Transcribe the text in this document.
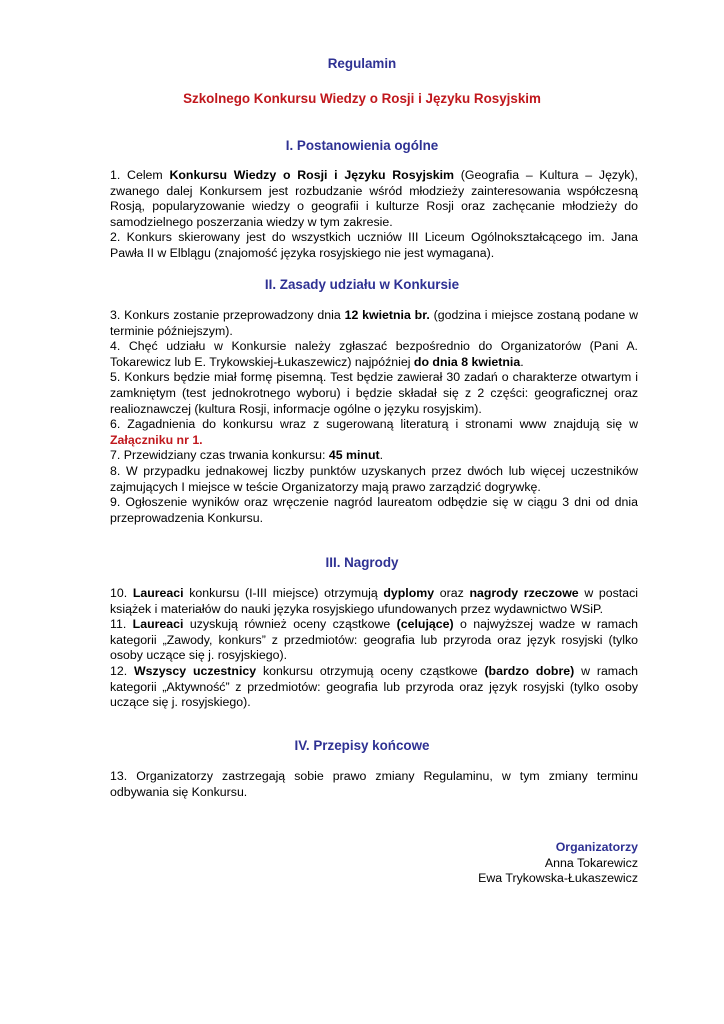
Regulamin
Szkolnego Konkursu Wiedzy o Rosji i Języku Rosyjskim
I. Postanowienia ogólne

1. Celem Konkursu Wiedzy o Rosji i Języku Rosyjskim (Geografia – Kultura – Język), zwanego dalej Konkursem jest rozbudzanie wśród młodzieży zainteresowania współczesną Rosją, popularyzowanie wiedzy o geografii i kulturze Rosji oraz zachęcanie młodzieży do samodzielnego poszerzania wiedzy w tym zakresie.

2. Konkurs skierowany jest do wszystkich uczniów III Liceum Ogólnokształcącego im. Jana Pawła II w Elblągu (znajomość języka rosyjskiego nie jest wymagana).

II. Zasady udziału w Konkursie

3. Konkurs zostanie przeprowadzony dnia 12 kwietnia br. (godzina i miejsce zostaną podane w terminie późniejszym).

4. Chęć udziału w Konkursie należy zgłaszać bezpośrednio do Organizatorów (Pani A. Tokarewicz lub E. Trykowskiej-Łukaszewicz) najpóźniej do dnia 8 kwietnia.

5. Konkurs będzie miał formę pisemną. Test będzie zawierał 30 zadań o charakterze otwartym i zamkniętym (test jednokrotnego wyboru) i będzie składał się z 2 części: geograficznej oraz realioznawczej (kultura Rosji, informacje ogólne o języku rosyjskim).

6. Zagadnienia do konkursu wraz z sugerowaną literaturą i stronami www znajdują się w Załączniku nr 1.

7. Przewidziany czas trwania konkursu: 45 minut.

8. W przypadku jednakowej liczby punktów uzyskanych przez dwóch lub więcej uczestników zajmujących I miejsce w teście Organizatorzy mają prawo zarządzić dogrywkę.

9. Ogłoszenie wyników oraz wręczenie nagród laureatom odbędzie się w ciągu 3 dni od dnia przeprowadzenia Konkursu.

III. Nagrody

10. Laureaci konkursu (I-III miejsce) otrzymują dyplomy oraz nagrody rzeczowe w postaci książek i materiałów do nauki języka rosyjskiego ufundowanych przez wydawnictwo WSiP.

11. Laureaci uzyskują również oceny cząstkowe (celujące) o najwyższej wadze w ramach kategorii „Zawody, konkurs” z przedmiotów: geografia lub przyroda oraz język rosyjski (tylko osoby uczące się j. rosyjskiego).

12. Wszyscy uczestnicy konkursu otrzymują oceny cząstkowe (bardzo dobre) w ramach kategorii „Aktywność” z przedmiotów: geografia lub przyroda oraz język rosyjski (tylko osoby uczące się j. rosyjskiego).

IV. Przepisy końcowe

13. Organizatorzy zastrzegają sobie prawo zmiany Regulaminu, w tym zmiany terminu odbywania się Konkursu.

Organizatorzy
Anna Tokarewicz
Ewa Trykowska-Łukaszewicz
